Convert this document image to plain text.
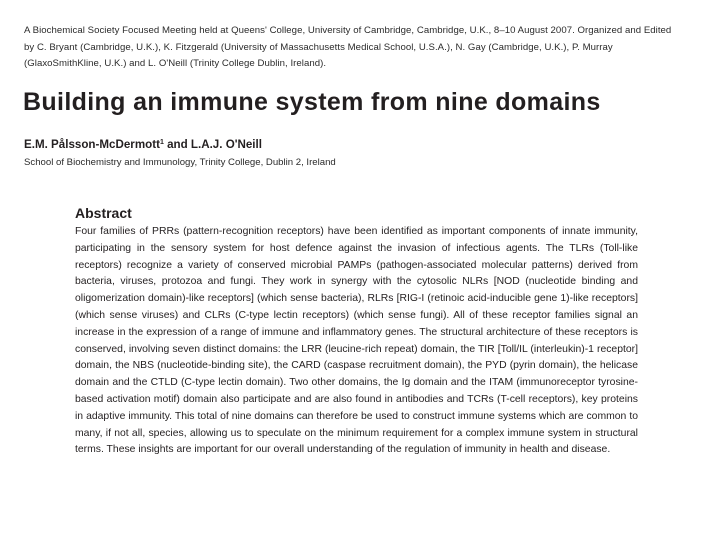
A Biochemical Society Focused Meeting held at Queens' College, University of Cambridge, Cambridge, U.K., 8–10 August 2007. Organized and Edited by C. Bryant (Cambridge, U.K.), K. Fitzgerald (University of Massachusetts Medical School, U.S.A.), N. Gay (Cambridge, U.K.), P. Murray (GlaxoSmithKline, U.K.) and L. O'Neill (Trinity College Dublin, Ireland).
Building an immune system from nine domains
E.M. Pålsson-McDermott$^1$ and L.A.J. O'Neill
School of Biochemistry and Immunology, Trinity College, Dublin 2, Ireland
Abstract

Four families of PRRs (pattern-recognition receptors) have been identified as important components of innate immunity, participating in the sensory system for host defence against the invasion of infectious agents. The TLRs (Toll-like receptors) recognize a variety of conserved microbial PAMPs (pathogen-associated molecular patterns) derived from bacteria, viruses, protozoa and fungi. They work in synergy with the cytosolic NLRs [NOD (nucleotide binding and oligomerization domain)-like receptors] (which sense bacteria), RLRs [RIG-I (retinoic acid-inducible gene 1)-like receptors] (which sense viruses) and CLRs (C-type lectin receptors) (which sense fungi). All of these receptor families signal an increase in the expression of a range of immune and inflammatory genes. The structural architecture of these receptors is conserved, involving seven distinct domains: the LRR (leucine-rich repeat) domain, the TIR [Toll/IL (interleukin)-1 receptor] domain, the NBS (nucleotide-binding site), the CARD (caspase recruitment domain), the PYD (pyrin domain), the helicase domain and the CTLD (C-type lectin domain). Two other domains, the Ig domain and the ITAM (immunoreceptor tyrosine-based activation motif) domain also participate and are also found in antibodies and TCRs (T-cell receptors), key proteins in adaptive immunity. This total of nine domains can therefore be used to construct immune systems which are common to many, if not all, species, allowing us to speculate on the minimum requirement for a complex immune system in structural terms. These insights are important for our overall understanding of the regulation of immunity in health and disease.
